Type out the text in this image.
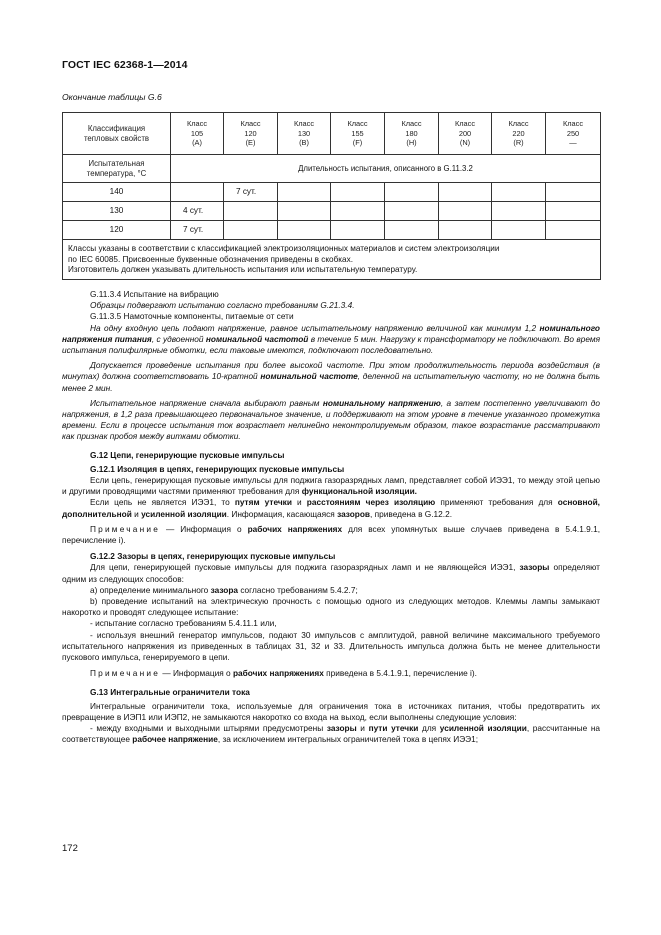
ГОСТ IEC 62368-1—2014
Окончание таблицы G.6
Классификация тепловых свойств	Класс
105
(A)	Класс
120
(E)	Класс
130
(B)	Класс
155
(F)	Класс
180
(H)	Класс
200
(N)	Класс
220
(R)	Класс
250
—
Испытательная температура, °С	Длительность испытания, описанного в G.11.3.2							
140		7 сут.						
130	4 сут.							
120	7 сут.							

Классы указаны в соответствии с классификацией электроизоляционных материалов и систем электроизоляции
по IEC 60085. Присвоенные буквенные обозначения приведены в скобках.
Изготовитель должен указывать длительность испытания или испытательную температуру.								

G.11.3.4 Испытание на вибрацию

Образцы подвергают испытанию согласно требованиям G.21.3.4.

G.11.3.5 Намоточные компоненты, питаемые от сети

На одну входную цепь подают напряжение, равное испытательному напряжению величиной как минимум 1,2 номинального напряжения питания, с удвоенной номинальной частотой в течение 5 мин. Нагрузку к трансформатору не подключают. Во время испытания полифилярные обмотки, если таковые имеются, подключают последовательно.

Допускается проведение испытания при более высокой частоте. При этом продолжительность периода воздействия (в минутах) должна соответствовать 10-кратной номинальной частоте, деленной на испытательную частоту, но не должна быть менее 2 мин.

Испытательное напряжение сначала выбирают равным номинальному напряжению, а затем постепенно увеличивают до напряжения, в 1,2 раза превышающего первоначальное значение, и поддерживают на этом уровне в течение указанного промежутка времени. Если в процессе испытания ток возрастает нелинейно неконтролируемым образом, такое возрастание рассматривают как признак пробоя между витками обмотки.

G.12 Цепи, генерирующие пусковые импульсы

G.12.1 Изоляция в цепях, генерирующих пусковые импульсы

Если цепь, генерирующая пусковые импульсы для поджига газоразрядных ламп, представляет собой ИЭЭ1, то между этой цепью и другими проводящими частями применяют требования для функциональной изоляции.

Если цепь не является ИЭЭ1, то путям утечки и расстояниям через изоляцию применяют требования для основной, дополнительной и усиленной изоляции. Информация, касающаяся зазоров, приведена в G.12.2.

Примечание — Информация о рабочих напряжениях для всех упомянутых выше случаев приведена в 5.4.1.9.1, перечисление i).

G.12.2 Зазоры в цепях, генерирующих пусковые импульсы

Для цепи, генерирующей пусковые импульсы для поджига газоразрядных ламп и не являющейся ИЭЭ1, зазоры определяют одним из следующих способов:

a) определение минимального зазора согласно требованиям 5.4.2.7;

b) проведение испытаний на электрическую прочность с помощью одного из следующих методов. Клеммы лампы замыкают накоротко и проводят следующее испытание:

- испытание согласно требованиям 5.4.11.1 или,

- используя внешний генератор импульсов, подают 30 импульсов с амплитудой, равной величине максимального требуемого испытательного напряжения из приведенных в таблицах 31, 32 и 33. Длительность импульса должна быть не менее длительности пускового импульса, генерируемого в цепи.

Примечание — Информация о рабочих напряжениях приведена в 5.4.1.9.1, перечисление i).

G.13 Интегральные ограничители тока

Интегральные ограничители тока, используемые для ограничения тока в источниках питания, чтобы предотвратить их превращение в ИЭП1 или ИЭП2, не замыкаются накоротко со входа на выход, если выполнены следующие условия:

- между входными и выходными штырями предусмотрены зазоры и пути утечки для усиленной изоляции, рассчитанные на соответствующее рабочее напряжение, за исключением интегральных ограничителей тока в цепях ИЭЭ1;

172
